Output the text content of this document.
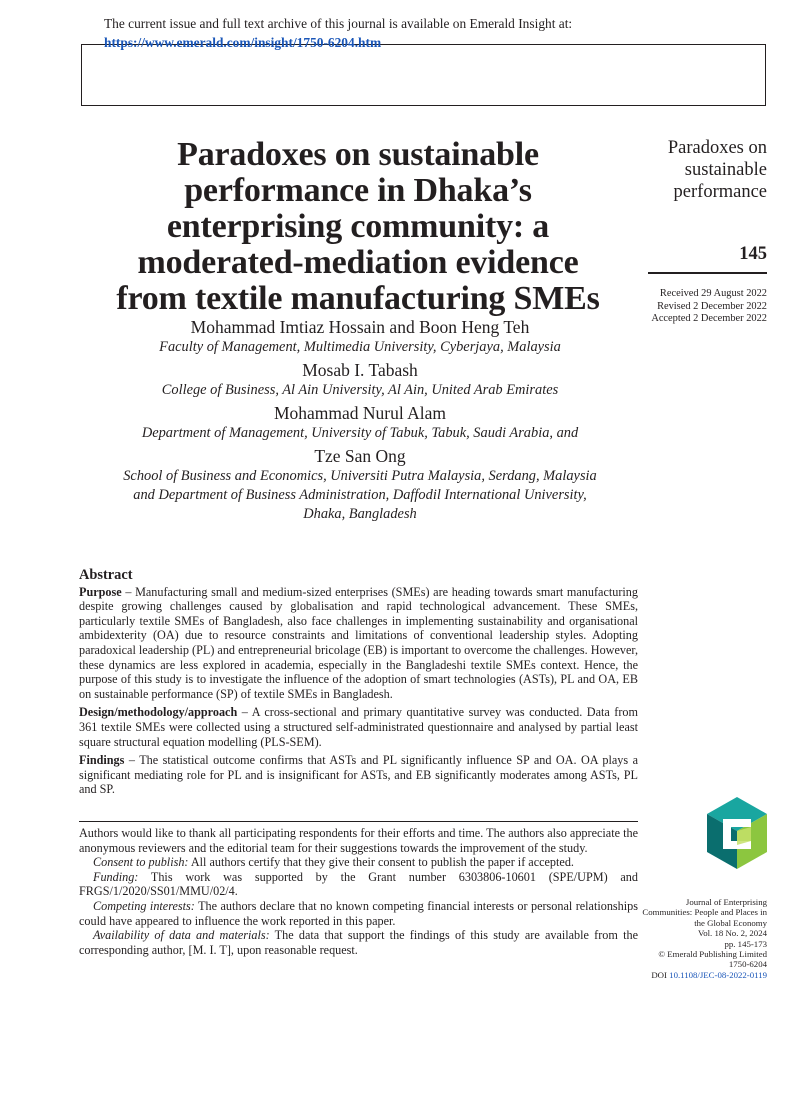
The current issue and full text archive of this journal is available on Emerald Insight at:
https://www.emerald.com/insight/1750-6204.htm
Paradoxes on sustainable
performance in Dhaka’s
enterprising community: a
moderated-mediation evidence
from textile manufacturing SMEs
Paradoxes on
sustainable
performance
145
Received 29 August 2022
Revised 2 December 2022
Accepted 2 December 2022
Mohammad Imtiaz Hossain and Boon Heng Teh
Faculty of Management, Multimedia University, Cyberjaya, Malaysia
Mosab I. Tabash
College of Business, Al Ain University, Al Ain, United Arab Emirates
Mohammad Nurul Alam
Department of Management, University of Tabuk, Tabuk, Saudi Arabia, and
Tze San Ong
School of Business and Economics, Universiti Putra Malaysia, Serdang, Malaysia
and Department of Business Administration, Daffodil International University,
Dhaka, Bangladesh
Abstract

Purpose – Manufacturing small and medium-sized enterprises (SMEs) are heading towards smart manufacturing despite growing challenges caused by globalisation and rapid technological advancement. These SMEs, particularly textile SMEs of Bangladesh, also face challenges in implementing sustainability and organisational ambidexterity (OA) due to resource constraints and limitations of conventional leadership styles. Adopting paradoxical leadership (PL) and entrepreneurial bricolage (EB) is important to overcome the challenges. However, these dynamics are less explored in academia, especially in the Bangladeshi textile SMEs context. Hence, the purpose of this study is to investigate the influence of the adoption of smart technologies (ASTs), PL and OA, EB on sustainable performance (SP) of textile SMEs in Bangladesh.

Design/methodology/approach – A cross-sectional and primary quantitative survey was conducted. Data from 361 textile SMEs were collected using a structured self-administrated questionnaire and analysed by partial least square structural equation modelling (PLS-SEM).

Findings – The statistical outcome confirms that ASTs and PL significantly influence SP and OA. OA plays a significant mediating role for PL and is insignificant for ASTs, and EB significantly moderates among ASTs, PL and SP.

Authors would like to thank all participating respondents for their efforts and time. The authors also appreciate the anonymous reviewers and the editorial team for their suggestions towards the improvement of the study.

Consent to publish: All authors certify that they give their consent to publish the paper if accepted.

Funding: This work was supported by the Grant number 6303806-10601 (SPE/UPM) and FRGS/1/2020/SS01/MMU/02/4.

Competing interests: The authors declare that no known competing financial interests or personal relationships could have appeared to influence the work reported in this paper.

Availability of data and materials: The data that support the findings of this study are available from the corresponding author, [M. I. T], upon reasonable request.

Journal of Enterprising
Communities: People and Places in
the Global Economy
Vol. 18 No. 2, 2024
pp. 145-173
© Emerald Publishing Limited
1750-6204
DOI 10.1108/JEC-08-2022-0119
